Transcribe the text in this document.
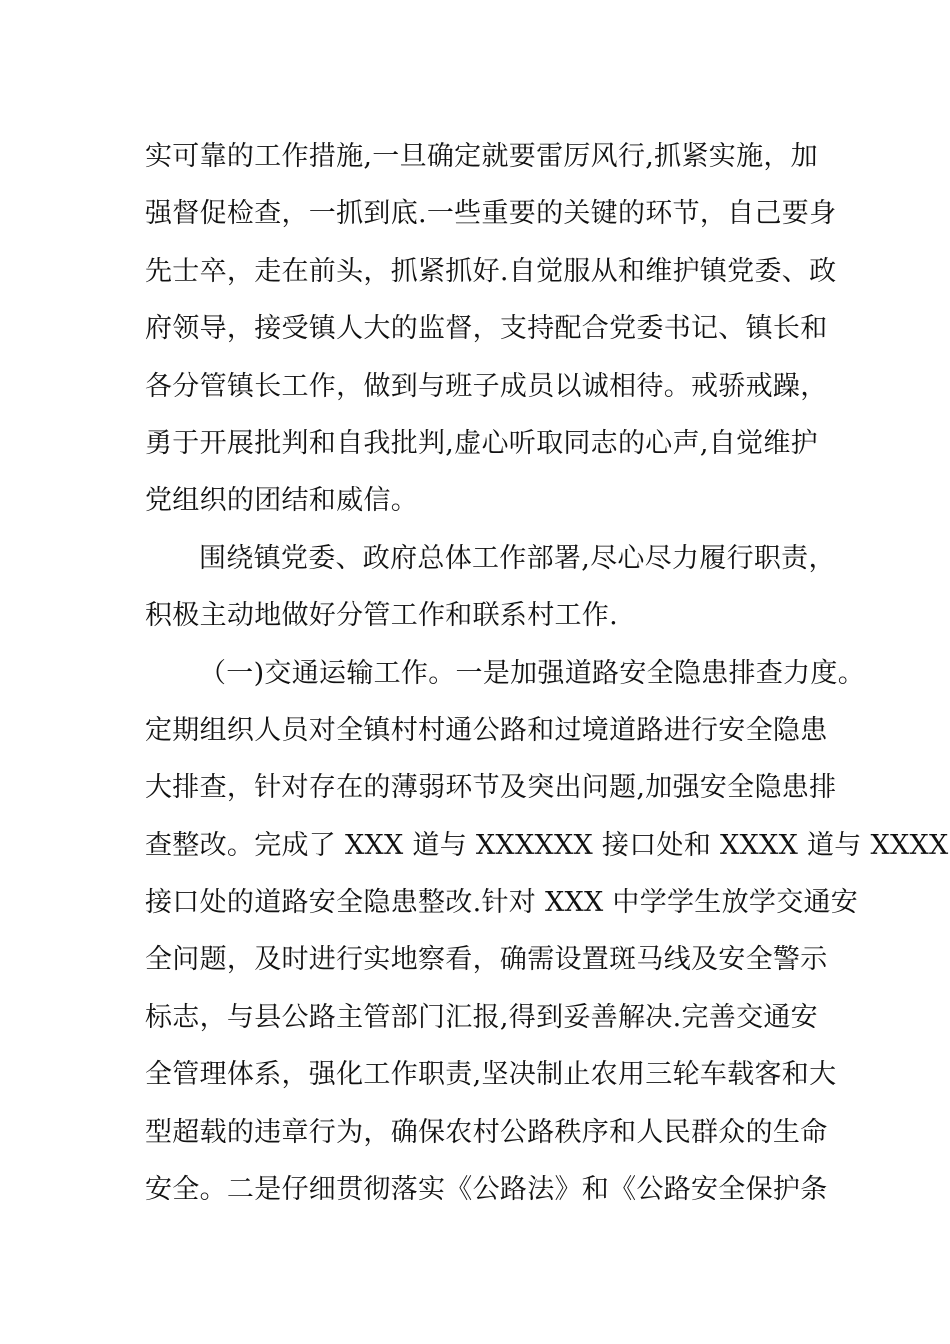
实可靠的工作措施,一旦确定就要雷厉风行,抓紧实施，加
强督促检查，一抓到底.一些重要的关键的环节，自己要身
先士卒，走在前头，抓紧抓好.自觉服从和维护镇党委、政
府领导，接受镇人大的监督，支持配合党委书记、镇长和
各分管镇长工作，做到与班子成员以诚相待。戒骄戒躁，
勇于开展批判和自我批判,虚心听取同志的心声,自觉维护
党组织的团结和威信。
围绕镇党委、政府总体工作部署,尽心尽力履行职责，
积极主动地做好分管工作和联系村工作.
（一)交通运输工作。一是加强道路安全隐患排查力度。
定期组织人员对全镇村村通公路和过境道路进行安全隐患
大排查，针对存在的薄弱环节及突出问题,加强安全隐患排
查整改。完成了 XXX 道与 XXXXXX 接口处和 XXXX 道与 XXXX
接口处的道路安全隐患整改.针对 XXX 中学学生放学交通安
全问题，及时进行实地察看，确需设置斑马线及安全警示
标志，与县公路主管部门汇报,得到妥善解决.完善交通安
全管理体系，强化工作职责,坚决制止农用三轮车载客和大
型超载的违章行为，确保农村公路秩序和人民群众的生命
安全。二是仔细贯彻落实《公路法》和《公路安全保护条
